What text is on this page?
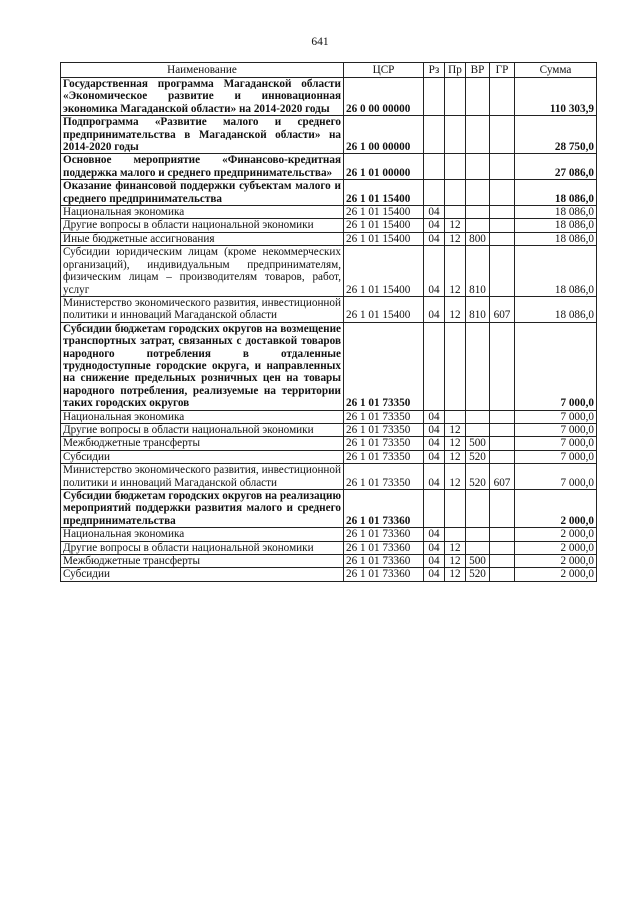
641
Наименование	ЦСР	Рз	Пр	ВР	ГР	Сумма
Государственная программа Магаданской области «Экономическое развитие и инновационная экономика Магаданской области» на 2014-2020 годы	26 0 00 00000					110 303,9
Подпрограмма «Развитие малого и среднего предпринимательства в Магаданской области» на 2014-2020 годы	26 1 00 00000					28 750,0
Основное мероприятие «Финансово-кредитная поддержка малого и среднего предпринимательства»	26 1 01 00000					27 086,0
Оказание финансовой поддержки субъектам малого и среднего предпринимательства	26 1 01 15400					18 086,0
Национальная экономика	26 1 01 15400	04				18 086,0
Другие вопросы в области национальной экономики	26 1 01 15400	04	12			18 086,0
Иные бюджетные ассигнования	26 1 01 15400	04	12	800		18 086,0
Субсидии юридическим лицам (кроме некоммерческих организаций), индивидуальным предпринимателям, физическим лицам – производителям товаров, работ, услуг	26 1 01 15400	04	12	810		18 086,0
Министерство экономического развития, инвестиционной политики и инноваций Магаданской области	26 1 01 15400	04	12	810	607	18 086,0
Субсидии бюджетам городских округов на возмещение транспортных затрат, связанных с доставкой товаров народного потребления в отдаленные труднодоступные городские округа, и направленных на снижение предельных розничных цен на товары народного потребления, реализуемые на территории таких городских округов	26 1 01 73350					7 000,0
Национальная экономика	26 1 01 73350	04				7 000,0
Другие вопросы в области национальной экономики	26 1 01 73350	04	12			7 000,0
Межбюджетные трансферты	26 1 01 73350	04	12	500		7 000,0
Субсидии	26 1 01 73350	04	12	520		7 000,0
Министерство экономического развития, инвестиционной политики и инноваций Магаданской области	26 1 01 73350	04	12	520	607	7 000,0
Субсидии бюджетам городских округов на реализацию мероприятий поддержки развития малого и среднего предпринимательства	26 1 01 73360					2 000,0
Национальная экономика	26 1 01 73360	04				2 000,0
Другие вопросы в области национальной экономики	26 1 01 73360	04	12			2 000,0
Межбюджетные трансферты	26 1 01 73360	04	12	500		2 000,0
Субсидии	26 1 01 73360	04	12	520		2 000,0
